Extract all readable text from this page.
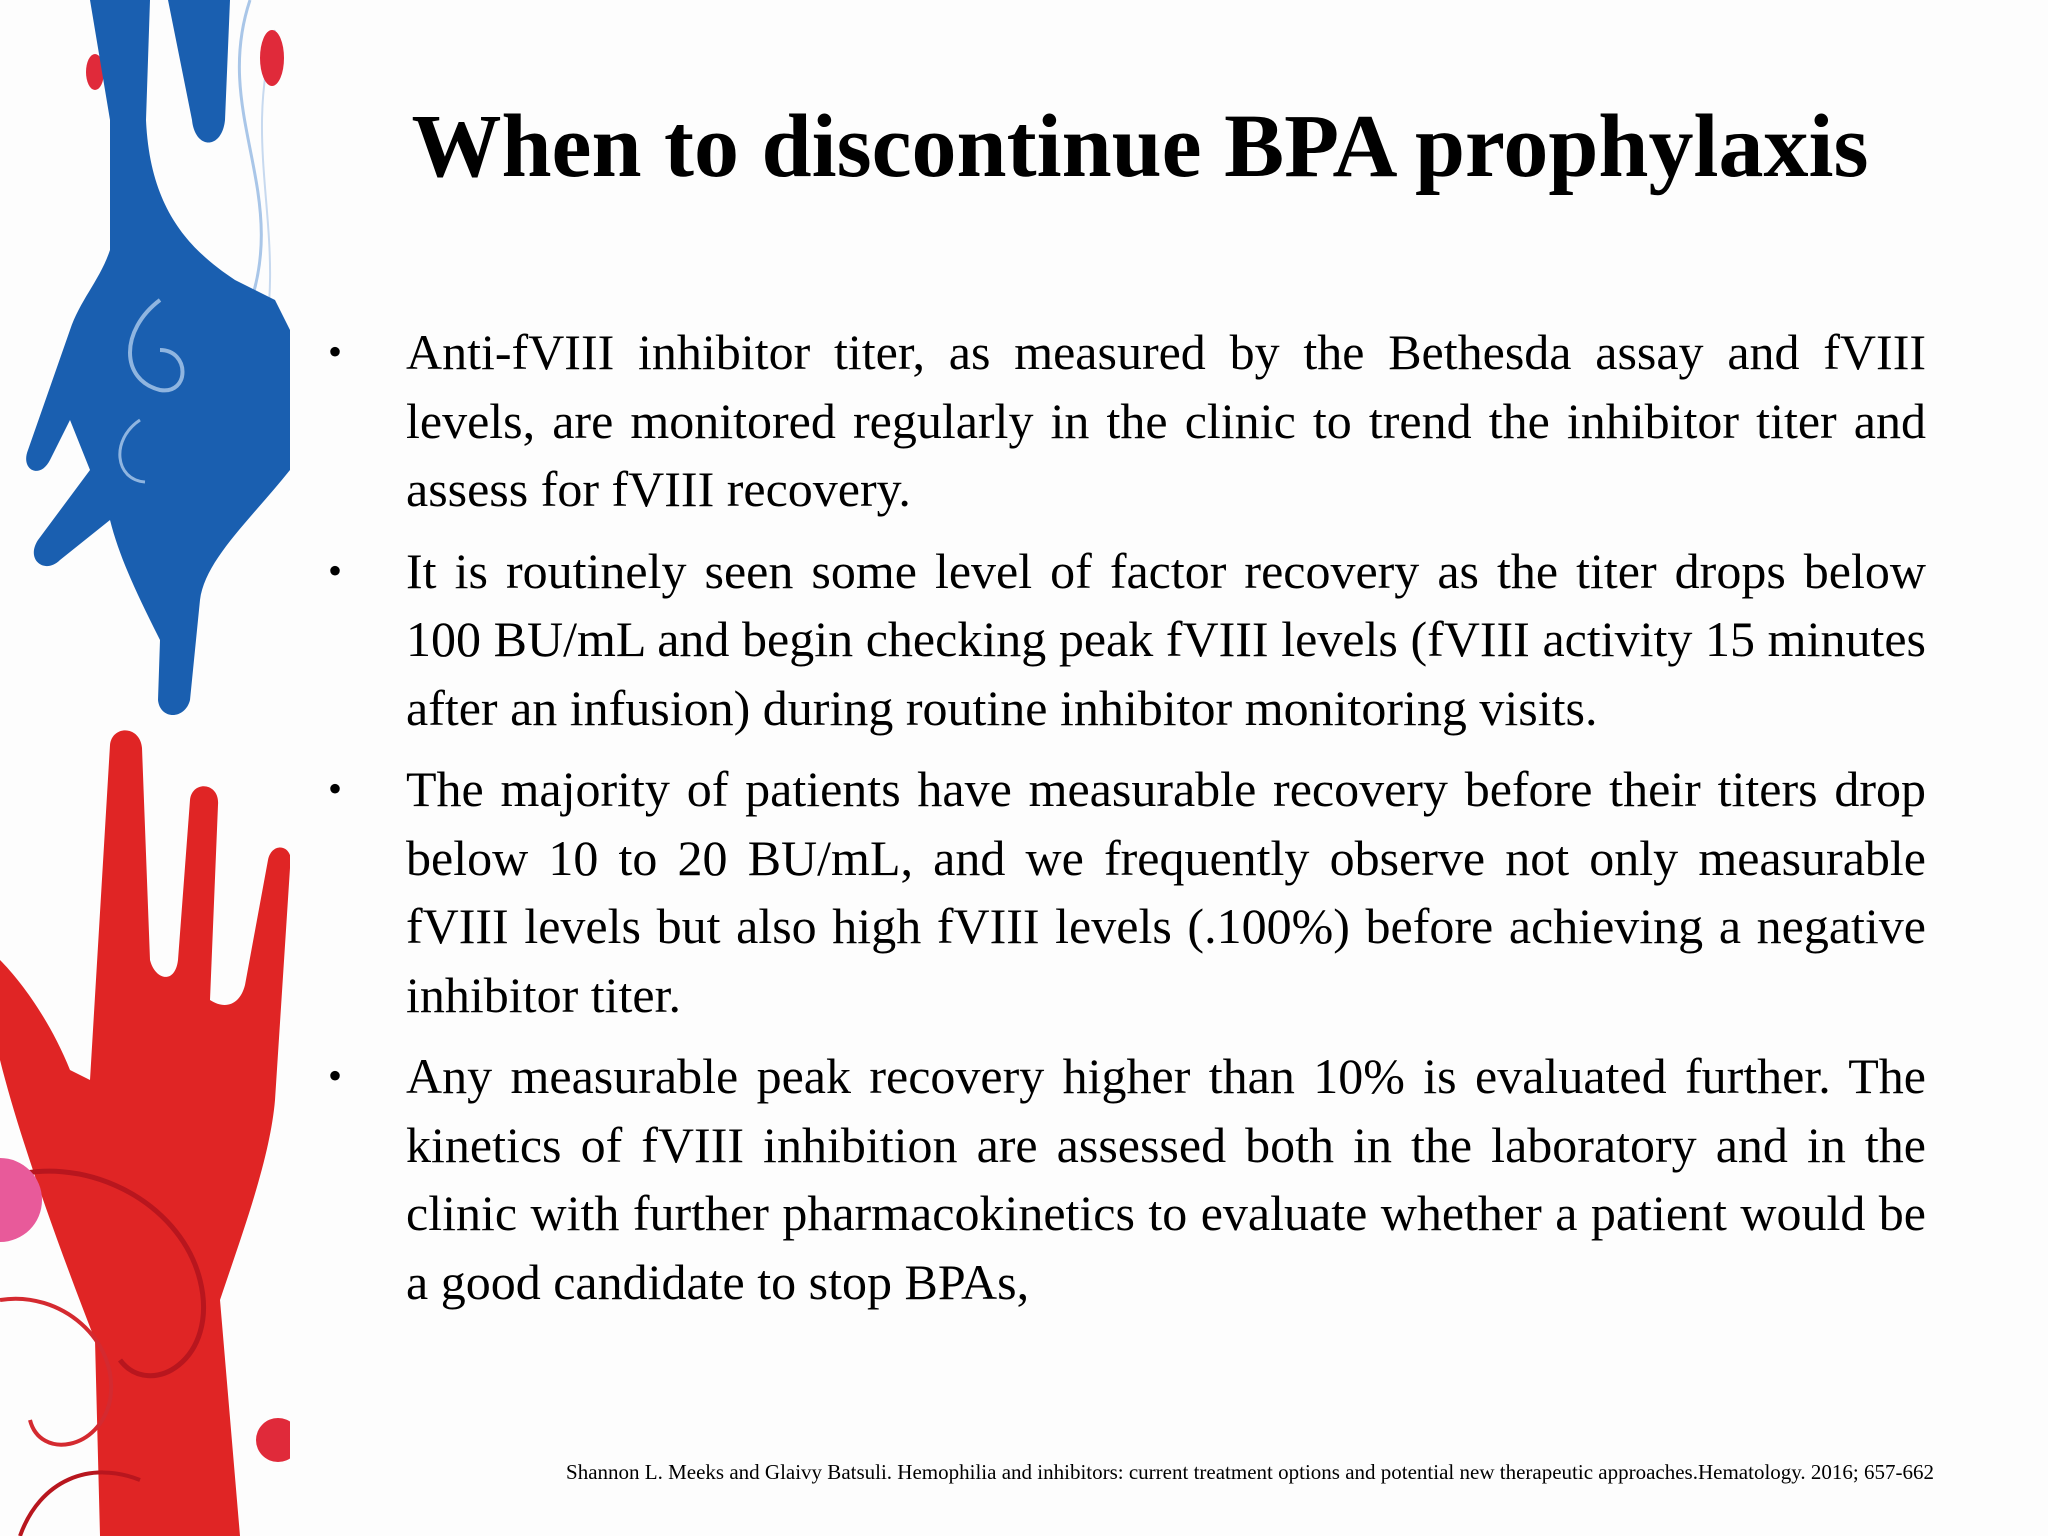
When to discontinue BPA prophylaxis
• Anti-fVIII inhibitor titer, as measured by the Bethesda assay and fVIII levels, are monitored regularly in the clinic to trend the inhibitor titer and assess for fVIII recovery.
• It is routinely seen some level of factor recovery as the titer drops below 100 BU/mL and begin checking peak fVIII levels (fVIII activity 15 minutes after an infusion) during routine inhibitor monitoring visits.
• The majority of patients have measurable recovery before their titers drop below 10 to 20 BU/mL, and we frequently observe not only measurable fVIII levels but also high fVIII levels (.100%) before achieving a negative inhibitor titer.
• Any measurable peak recovery higher than 10% is evaluated further. The kinetics of fVIII inhibition are assessed both in the laboratory and in the clinic with further pharmacokinetics to evaluate whether a patient would be a good candidate to stop BPAs,

Shannon L. Meeks and Glaivy Batsuli. Hemophilia and inhibitors: current treatment options and potential new therapeutic approaches.Hematology. 2016; 657-662
